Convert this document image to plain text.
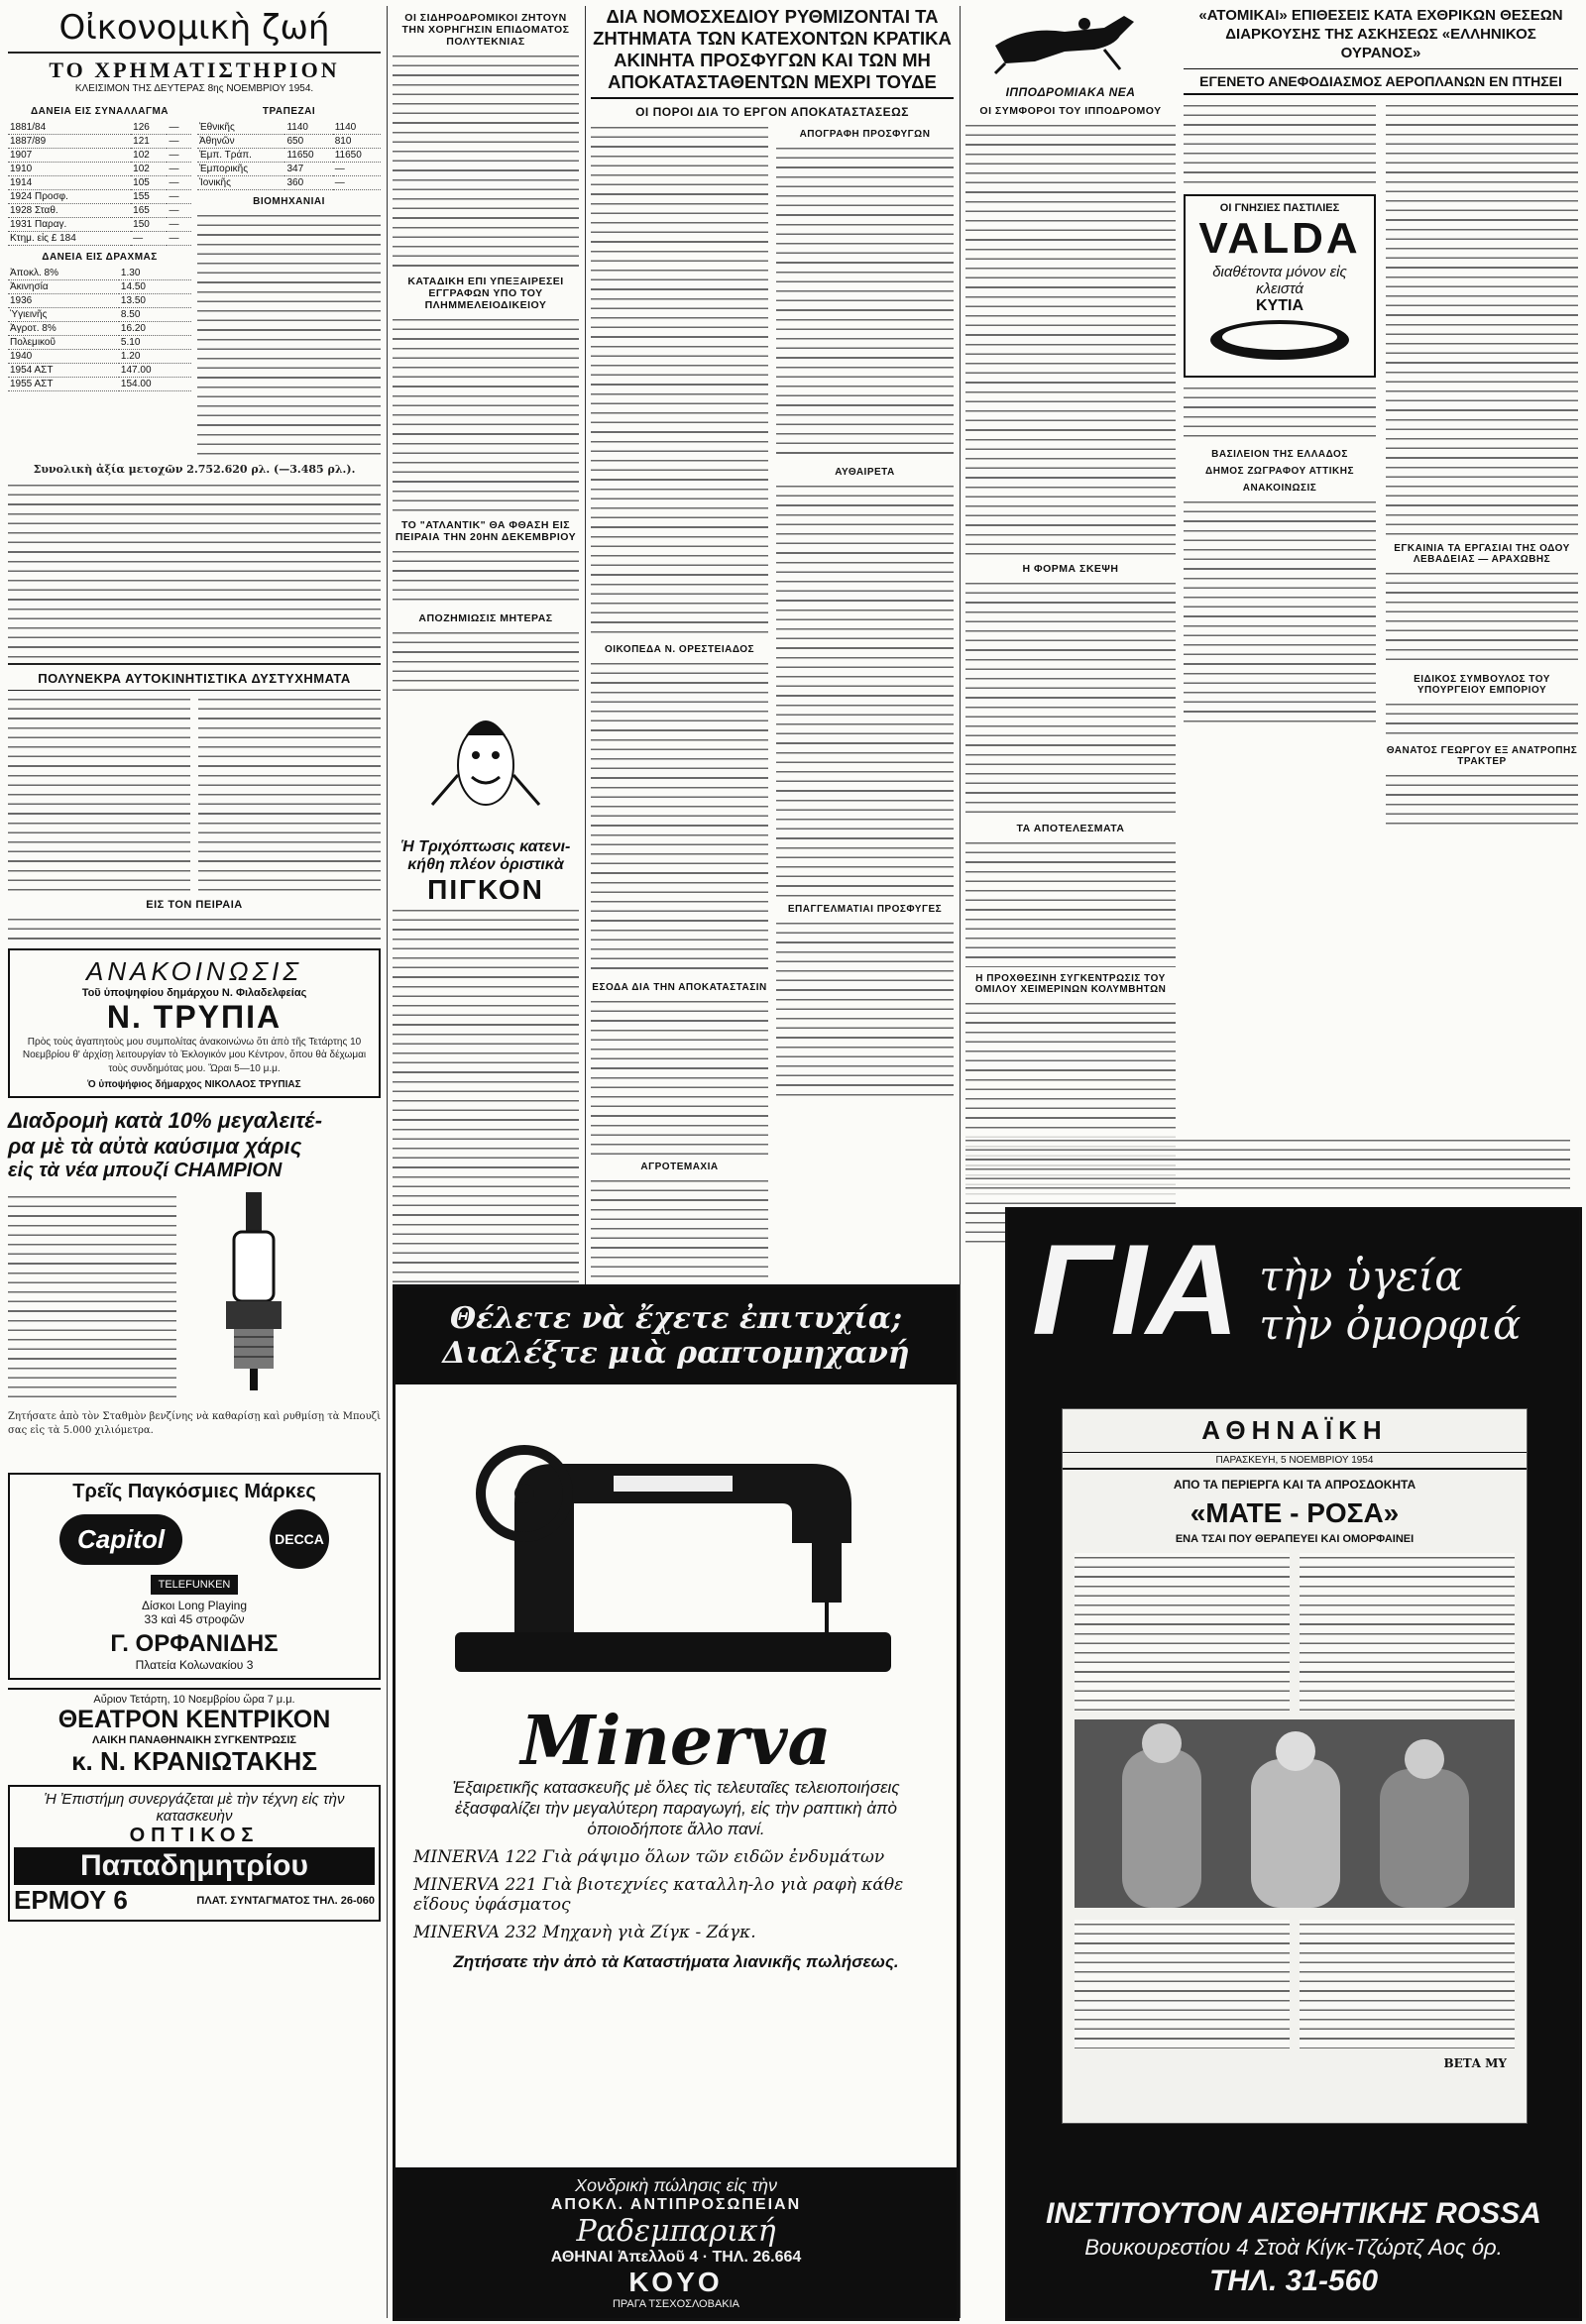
Οἰκονομικὴ ζωή
ΤΟ ΧΡΗΜΑΤΙΣΤΗΡΙΟΝ
ΚΛΕΙΣΙΜΟΝ ΤΗΣ ΔΕΥΤΕΡΑΣ 8ης ΝΟΕΜΒΡΙΟΥ 1954.
ΔΑΝΕΙΑ ΕΙΣ ΣΥΝΑΛΛΑΓΜΑ
1881/84	126	—
1887/89	121	—
1907	102	—
1910	102	—
1914	105	—
1924 Προσφ.	155	—
1928 Σταθ.	165	—
1931 Παραγ.	150	—
Κτημ. εἰς £ 184	—	—
ΔΑΝΕΙΑ ΕΙΣ ΔΡΑΧΜΑΣ
Ἀποκλ. 8%	1.30
Ἀκινησία	14.50
1936	13.50
Ὑγιεινῆς	8.50
Ἀγροτ. 8%	16.20
Πολεμικοῦ	5.10
1940	1.20
1954 ΑΣΤ	147.00
1955 ΑΣΤ	154.00
ΤΡΑΠΕΖΑΙ
Ἐθνικῆς	1140	1140
Ἀθηνῶν	650	810
Ἐμπ. Τράπ.	11650	11650
Ἐμπορικῆς	347	—
Ἰονικῆς	360	—
ΒΙΟΜΗΧΑΝΙΑΙ
Συνολικὴ ἀξία μετοχῶν 2.752.620 ρλ. (—3.485 ρλ.).
ΠΟΛΥΝΕΚΡΑ ΑΥΤΟΚΙΝΗΤΙΣΤΙΚΑ ΔΥΣΤΥΧΗΜΑΤΑ
ΕΙΣ ΤΟΝ ΠΕΙΡΑΙΑ
ΑΝΑΚΟΙΝΩΣΙΣ
Τοῦ ὑποψηφίου δημάρχου Ν. Φιλαδελφείας
Ν. ΤΡΥΠΙΑ
Πρὸς τοὺς ἀγαπητοὺς μου συμπολίτας ἀνακοινώνω ὅτι ἀπὸ τῆς Τετάρτης 10 Νοεμβρίου θ' ἀρχίσῃ λειτουργίαν τὸ Ἐκλογικόν μου Κέντρον, ὅπου θὰ δέχωμαι τοὺς συνδημότας μου. Ὥραι 5—10 μ.μ.
Ὁ ὑποψήφιος δήμαρχος ΝΙΚΟΛΑΟΣ ΤΡΥΠΙΑΣ
Διαδρομὴ κατὰ 10% μεγαλειτέ-
ρα μὲ τὰ αὐτὰ καύσιμα χάρις
εἰς τὰ νέα μπουζί CHAMPION
Ζητήσατε ἀπὸ τὸν Σταθμὸν βενζίνης νὰ καθαρίσῃ καὶ ρυθμίσῃ τὰ Μπουζὶ σας εἰς τὰ 5.000 χιλιόμετρα.
Τρεῖς Παγκόσμιες Μάρκες
Capitol	DECCA
TELEFUNKEN
Δίσκοι Long Playing
33 καὶ 45 στροφῶν
Γ. ΟΡΦΑΝΙΔΗΣ
Πλατεία Κολωνακίου 3
Αὔριον Τετάρτη, 10 Νοεμβρίου ὥρα 7 μ.μ.
ΘΕΑΤΡΟΝ ΚΕΝΤΡΙΚΟΝ
ΛΑΙΚΗ ΠΑΝΑΘΗΝΑΙΚΗ ΣΥΓΚΕΝΤΡΩΣΙΣ
κ. Ν. ΚΡΑΝΙΩΤΑΚΗΣ
Ἡ Ἐπιστήμη συνεργάζεται μὲ τὴν τέχνη εἰς τὴν κατασκευὴν
ΟΠΤΙΚΟΣ
Παπαδημητρίου
ΕΡΜΟΥ 6	ΠΛΑΤ. ΣΥΝΤΑΓΜΑΤΟΣ ΤΗΛ. 26-060
ΟΙ ΣΙΔΗΡΟΔΡΟΜΙΚΟΙ ΖΗΤΟΥΝ ΤΗΝ ΧΟΡΗΓΗΣΙΝ ΕΠΙΔΟΜΑΤΟΣ ΠΟΛΥΤΕΚΝΙΑΣ
ΚΑΤΑΔΙΚΗ ΕΠΙ ΥΠΕΞΑΙΡΕΣΕΙ ΕΓΓΡΑΦΩΝ ΥΠΟ ΤΟΥ ΠΛΗΜΜΕΛΕΙΟΔΙΚΕΙΟΥ
ΤΟ "ΑΤΛΑΝΤΙΚ" ΘΑ ΦΘΑΣΗ ΕΙΣ ΠΕΙΡΑΙΑ ΤΗΝ 20ΗΝ ΔΕΚΕΜΒΡΙΟΥ
ΑΠΟΖΗΜΙΩΣΙΣ ΜΗΤΕΡΑΣ
Ἡ Τριχόπτωσις κατενι-
κήθη πλέον ὁριστικὰ
ΠΙΓΚΟΝ
ΔΙΑ ΝΟΜΟΣΧΕΔΙΟΥ ΡΥΘΜΙΖΟΝΤΑΙ ΤΑ ΖΗΤΗΜΑΤΑ ΤΩΝ ΚΑΤΕΧΟΝΤΩΝ ΚΡΑΤΙΚΑ ΑΚΙΝΗΤΑ ΠΡΟΣΦΥΓΩΝ ΚΑΙ ΤΩΝ ΜΗ ΑΠΟΚΑΤΑΣΤΑΘΕΝΤΩΝ ΜΕΧΡΙ ΤΟΥΔΕ
ΟΙ ΠΟΡΟΙ ΔΙΑ ΤΟ ΕΡΓΟΝ ΑΠΟΚΑΤΑΣΤΑΣΕΩΣ
ΟΙΚΟΠΕΔΑ Ν. ΟΡΕΣΤΕΙΑΔΟΣ
ΕΣΟΔΑ ΔΙΑ ΤΗΝ ΑΠΟΚΑΤΑΣΤΑΣΙΝ
ΑΓΡΟΤΕΜΑΧΙΑ
ΑΠΟΓΡΑΦΗ ΠΡΟΣΦΥΓΩΝ
ΑΥΘΑΙΡΕΤΑ
ΕΠΑΓΓΕΛΜΑΤΙΑΙ ΠΡΟΣΦΥΓΕΣ
Θέλετε νὰ ἔχετε ἐπιτυχία;
Διαλέξτε μιὰ ραπτομηχανή
Minerva
Ἐξαιρετικῆς κατασκευῆς μὲ ὅλες τὶς τελευταῖες τελειοποιήσεις ἐξασφαλίζει τὴν μεγαλύτερη παραγωγή, εἰς τὴν ραπτικὴ ἀπὸ ὁποιοδήποτε ἄλλο πανί.
MINERVA 122 Γιὰ ράψιμο ὅλων τῶν ειδῶν ἐνδυμάτων
MINERVA 221 Γιὰ βιοτεχνίες καταλλη-λο γιὰ ραφὴ κάθε εἴδους ὑφάσματος
MINERVA 232 Μηχανὴ γιὰ Ζίγκ - Ζάγκ.
Ζητήσατε τὴν ἀπὸ τὰ Καταστήματα λιανικῆς πωλήσεως.
Χονδρικὴ πώλησις εἰς τὴν
ΑΠΟΚΛ. ΑΝΤΙΠΡΟΣΩΠΕΙΑΝ
Ραδεμπαρική
ΑΘΗΝΑΙ Ἀπελλοῦ 4 · ΤΗΛ. 26.664
ΚΟΥΟ
ΠΡΑΓΑ ΤΣΕΧΟΣΛΟΒΑΚΙΑ
ΙΠΠΟΔΡΟΜΙΑΚΑ ΝΕΑ
ΟΙ ΣΥΜΦΟΡΟΙ ΤΟΥ ΙΠΠΟΔΡΟΜΟΥ
Η ΦΟΡΜΑ ΣΚΕΨΗ
ΤΑ ΑΠΟΤΕΛΕΣΜΑΤΑ
Η ΠΡΟΧΘΕΣΙΝΗ ΣΥΓΚΕΝΤΡΩΣΙΣ ΤΟΥ ΟΜΙΛΟΥ ΧΕΙΜΕΡΙΝΩΝ ΚΟΛΥΜΒΗΤΩΝ
«ΑΤΟΜΙΚΑΙ» ΕΠΙΘΕΣΕΙΣ ΚΑΤΑ ΕΧΘΡΙΚΩΝ ΘΕΣΕΩΝ ΔΙΑΡΚΟΥΣΗΣ ΤΗΣ ΑΣΚΗΣΕΩΣ «ΕΛΛΗΝΙΚΟΣ ΟΥΡΑΝΟΣ»
ΕΓΕΝΕΤΟ ΑΝΕΦΟΔΙΑΣΜΟΣ ΑΕΡΟΠΛΑΝΩΝ ΕΝ ΠΤΗΣΕΙ
ΟΙ ΓΝΗΣΙΕΣ ΠΑΣΤΙΛΙΕΣ
VALDA
διαθέτοντα μόνον εἰς κλειστά
ΚΥΤΙΑ
ΒΑΣΙΛΕΙΟΝ ΤΗΣ ΕΛΛΑΔΟΣ
ΔΗΜΟΣ ΖΩΓΡΑΦΟΥ ΑΤΤΙΚΗΣ
ΑΝΑΚΟΙΝΩΣΙΣ
ΕΓΚΑΙΝΙΑ ΤΑ ΕΡΓΑΣΙΑΙ ΤΗΣ ΟΔΟΥ ΛΕΒΑΔΕΙΑΣ — ΑΡΑΧΩΒΗΣ
ΕΙΔΙΚΟΣ ΣΥΜΒΟΥΛΟΣ ΤΟΥ ΥΠΟΥΡΓΕΙΟΥ ΕΜΠΟΡΙΟΥ
ΘΑΝΑΤΟΣ ΓΕΩΡΓΟΥ ΕΞ ΑΝΑΤΡΟΠΗΣ ΤΡΑΚΤΕΡ
ΓΙΑ τὴν ὑγεία
τὴν ὀμορφιά
ΑΘΗΝΑΪΚΗ
ΠΑΡΑΣΚΕΥΗ, 5 ΝΟΕΜΒΡΙΟΥ 1954
ΑΠΟ ΤΑ ΠΕΡΙΕΡΓΑ ΚΑΙ ΤΑ ΑΠΡΟΣΔΟΚΗΤΑ
«ΜΑΤΕ - ΡΟΣΑ»
ΕΝΑ ΤΣΑΙ ΠΟΥ ΘΕΡΑΠΕΥΕΙ ΚΑΙ ΟΜΟΡΦΑΙΝΕΙ
ΒΕΤΑ ΜΥ
ΙΝΣΤΙΤΟΥΤΟΝ ΑΙΣΘΗΤΙΚΗΣ ROSSA
Βουκουρεστίου 4 Στοὰ Κίγκ-Τζώρτζ Αος όρ.
ΤΗΛ. 31-560
